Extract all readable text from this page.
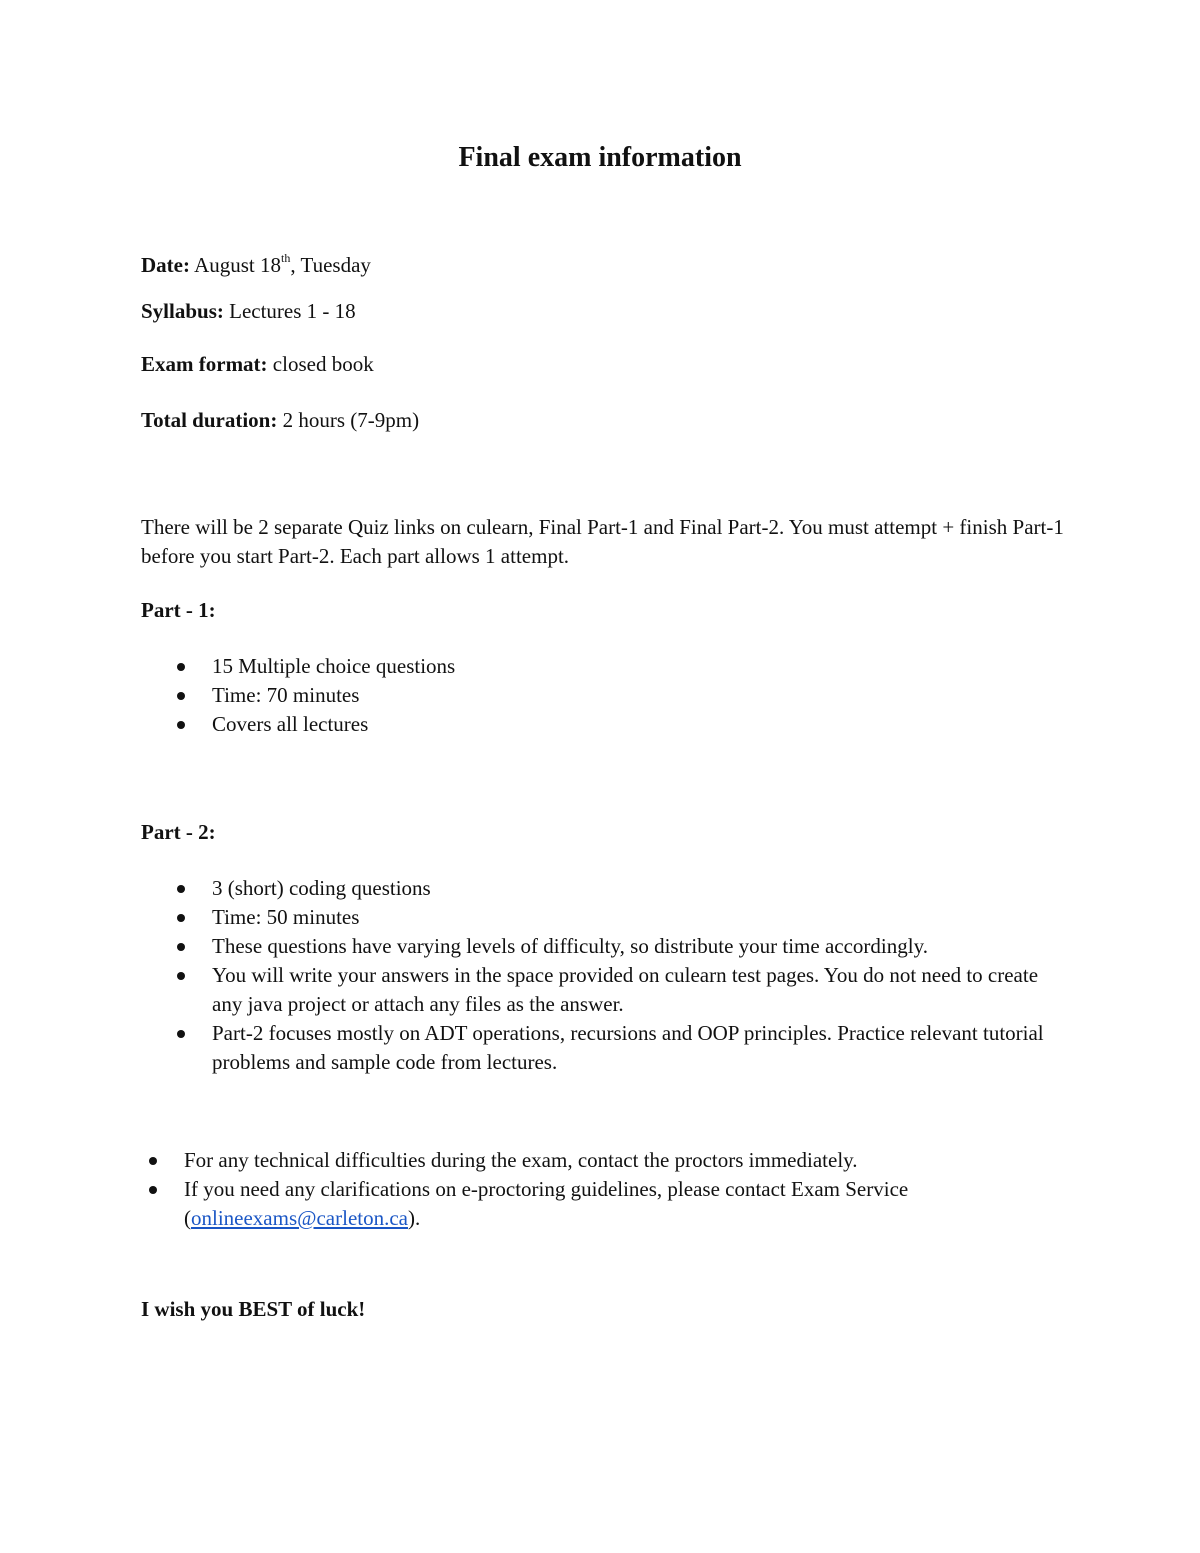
Final exam information
Date: August 18th, Tuesday
Syllabus: Lectures 1 - 18
Exam format: closed book
Total duration: 2 hours (7-9pm)
There will be 2 separate Quiz links on culearn, Final Part-1 and Final Part-2. You must attempt + finish Part-1 before you start Part-2. Each part allows 1 attempt.
Part - 1:
15 Multiple choice questions
Time: 70 minutes
Covers all lectures
Part - 2:
3 (short) coding questions
Time: 50 minutes
These questions have varying levels of difficulty, so distribute your time accordingly.
You will write your answers in the space provided on culearn test pages. You do not need to create any java project or attach any files as the answer.
Part-2 focuses mostly on ADT operations, recursions and OOP principles. Practice relevant tutorial problems and sample code from lectures.
For any technical difficulties during the exam, contact the proctors immediately.
If you need any clarifications on e-proctoring guidelines, please contact Exam Service (onlineexams@carleton.ca).
I wish you BEST of luck!
